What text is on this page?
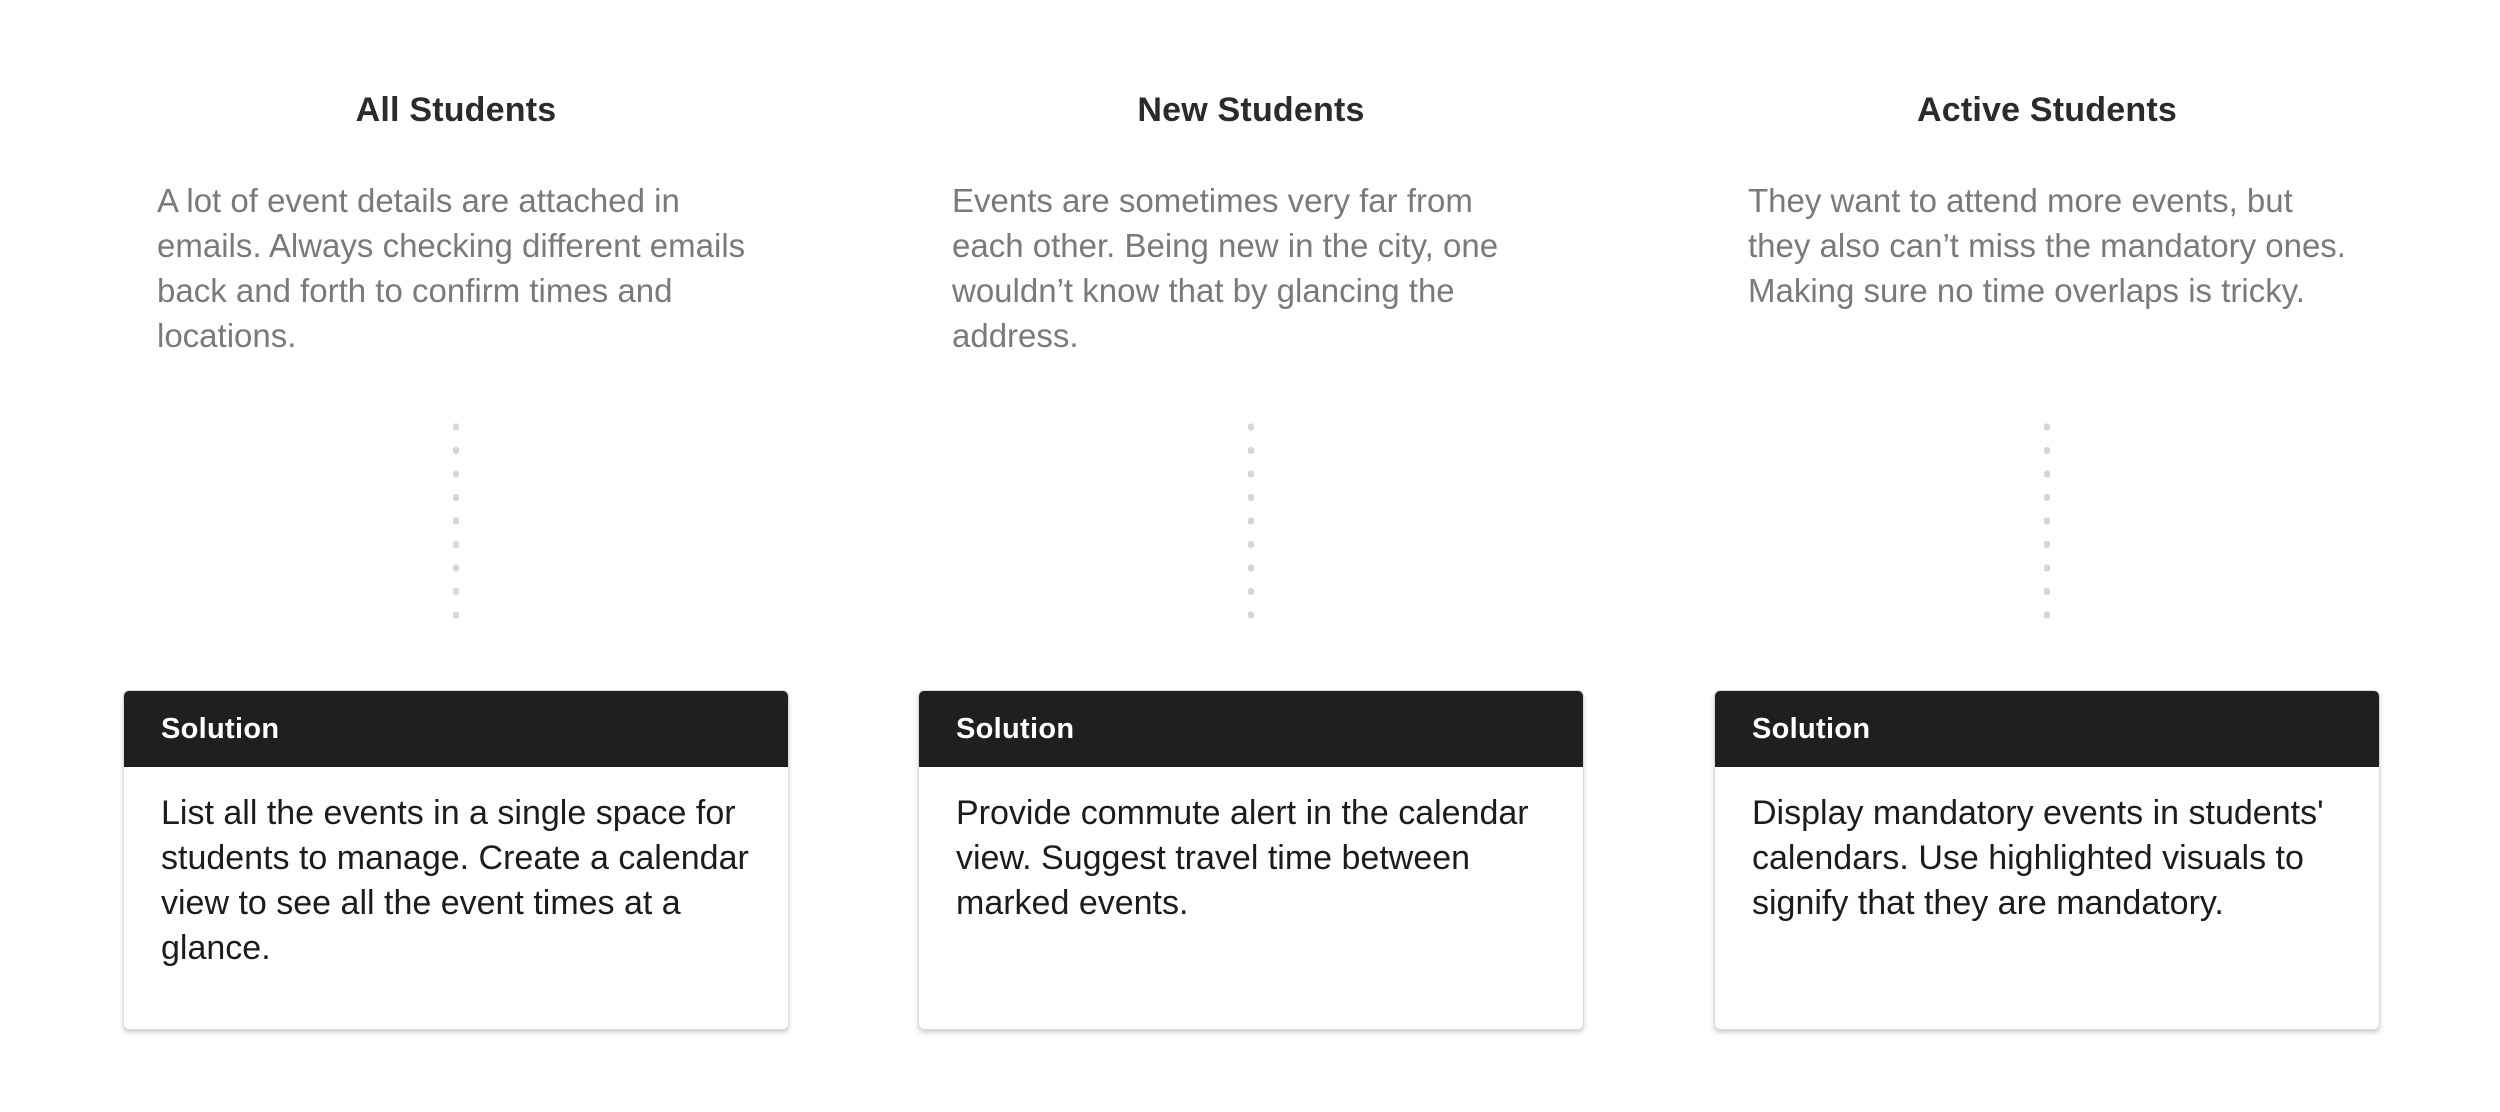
All Students
A lot of event details are attached in emails. Always checking different emails back and forth to confirm times and locations.
Solution
List all the events in a single space for students to manage. Create a calendar view to see all the event times at a glance.
New Students
Events are sometimes very far from each other. Being new in the city, one wouldn’t know that by glancing the address.
Solution
Provide commute alert in the calendar view. Suggest travel time between marked events.
Active Students
They want to attend more events, but they also can’t miss the mandatory ones. Making sure no time overlaps is tricky.
Solution
Display mandatory events in students' calendars. Use highlighted visuals to signify that they are mandatory.
